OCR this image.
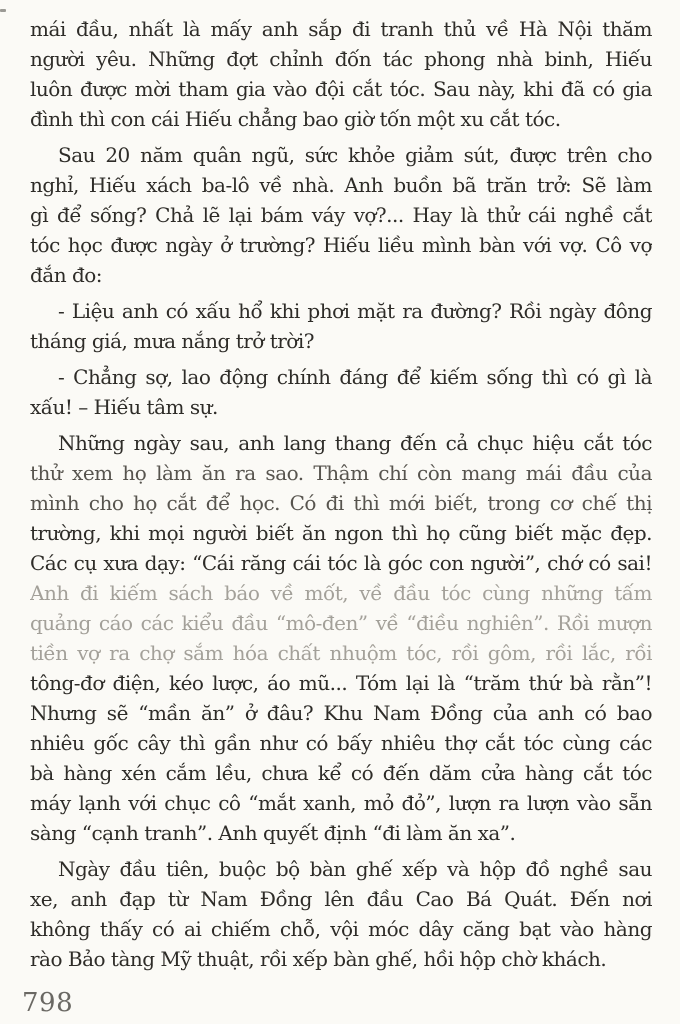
mái đầu, nhất là mấy anh sắp đi tranh thủ về Hà Nội thăm
người yêu. Những đợt chỉnh đốn tác phong nhà binh, Hiếu
luôn được mời tham gia vào đội cắt tóc. Sau này, khi đã có gia
đình thì con cái Hiếu chẳng bao giờ tốn một xu cắt tóc.
Sau 20 năm quân ngũ, sức khỏe giảm sút, được trên cho
nghỉ, Hiếu xách ba-lô về nhà. Anh buồn bã trăn trở: Sẽ làm
gì để sống? Chả lẽ lại bám váy vợ?... Hay là thử cái nghề cắt
tóc học được ngày ở trường? Hiếu liều mình bàn với vợ. Cô vợ
đắn đo:
- Liệu anh có xấu hổ khi phơi mặt ra đường? Rồi ngày đông
tháng giá, mưa nắng trở trời?
- Chẳng sợ, lao động chính đáng để kiếm sống thì có gì là
xấu! – Hiếu tâm sự.
Những ngày sau, anh lang thang đến cả chục hiệu cắt tóc
thử xem họ làm ăn ra sao. Thậm chí còn mang mái đầu của
mình cho họ cắt để học. Có đi thì mới biết, trong cơ chế thị
trường, khi mọi người biết ăn ngon thì họ cũng biết mặc đẹp.
Các cụ xưa dạy: “Cái răng cái tóc là góc con người”, chớ có sai!
Anh đi kiếm sách báo về mốt, về đầu tóc cùng những tấm
quảng cáo các kiểu đầu “mô-đen” về “điều nghiên”. Rồi mượn
tiền vợ ra chợ sắm hóa chất nhuộm tóc, rồi gôm, rồi lắc, rồi
tông-đơ điện, kéo lược, áo mũ... Tóm lại là “trăm thứ bà rằn”!
Nhưng sẽ “mần ăn” ở đâu? Khu Nam Đồng của anh có bao
nhiêu gốc cây thì gần như có bấy nhiêu thợ cắt tóc cùng các
bà hàng xén cắm lều, chưa kể có đến dăm cửa hàng cắt tóc
máy lạnh với chục cô “mắt xanh, mỏ đỏ”, lượn ra lượn vào sẵn
sàng “cạnh tranh”. Anh quyết định “đi làm ăn xa”.
Ngày đầu tiên, buộc bộ bàn ghế xếp và hộp đồ nghề sau
xe, anh đạp từ Nam Đồng lên đầu Cao Bá Quát. Đến nơi
không thấy có ai chiếm chỗ, vội móc dây căng bạt vào hàng
rào Bảo tàng Mỹ thuật, rồi xếp bàn ghế, hồi hộp chờ khách.
798
